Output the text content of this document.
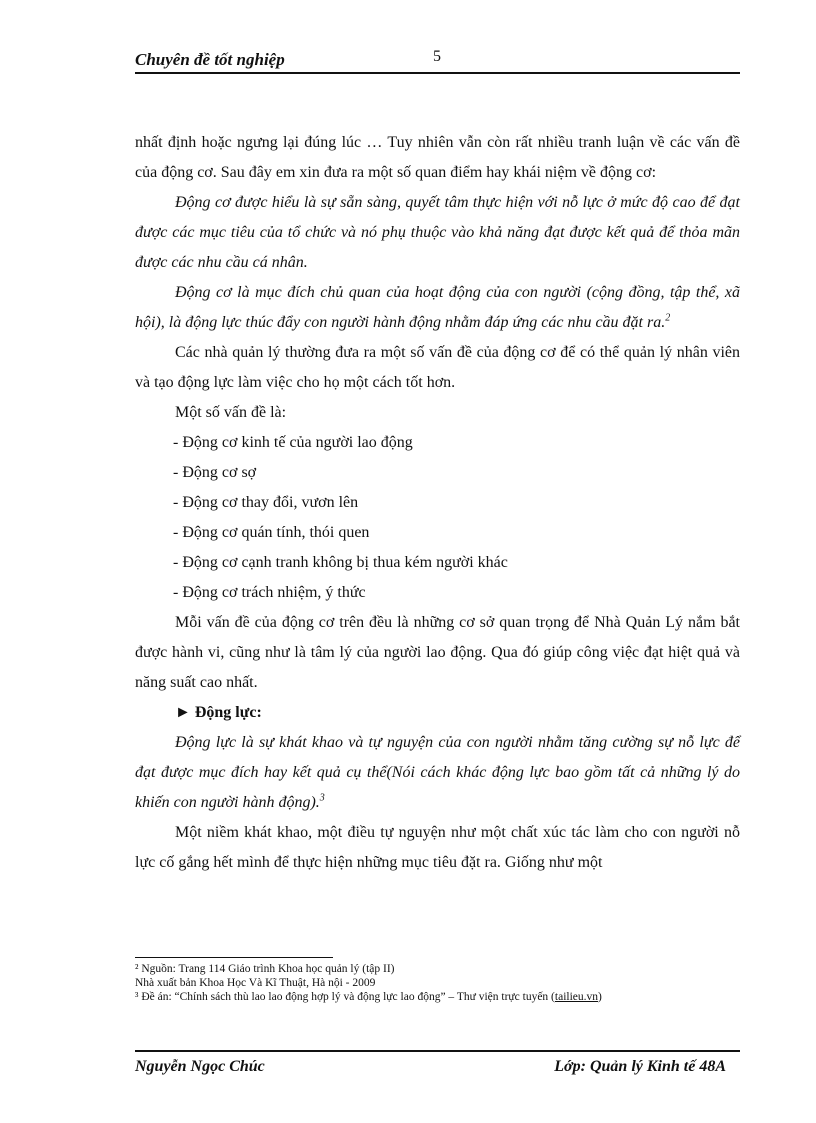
Chuyên đề tốt nghiệp	5

nhất định hoặc ngưng lại đúng lúc … Tuy nhiên vẫn còn rất nhiều tranh luận về các vấn đề của động cơ. Sau đây em xin đưa ra một số quan điểm hay khái niệm về động cơ:

Động cơ được hiểu là sự sẵn sàng, quyết tâm thực hiện với nỗ lực ở mức độ cao để đạt được các mục tiêu của tổ chức và nó phụ thuộc vào khả năng đạt được kết quả để thỏa mãn được các nhu cầu cá nhân.

Động cơ là mục đích chủ quan của hoạt động của con người (cộng đồng, tập thể, xã hội), là động lực thúc đẩy con người hành động nhằm đáp ứng các nhu cầu đặt ra.$^2$

Các nhà quản lý thường đưa ra một số vấn đề của động cơ để có thể quản lý nhân viên và tạo động lực làm việc cho họ một cách tốt hơn.

Một số vấn đề là:

- Động cơ kinh tế của người lao động

- Động cơ sợ

- Động cơ thay đổi, vươn lên

- Động cơ quán tính, thói quen

- Động cơ cạnh tranh không bị thua kém người khác

- Động cơ trách nhiệm, ý thức

Mỗi vấn đề của động cơ trên đều là những cơ sở quan trọng để Nhà Quản Lý nắm bắt được hành vi, cũng như là tâm lý của người lao động. Qua đó giúp công việc đạt hiệt quả và năng suất cao nhất.

► Động lực:

Động lực là sự khát khao và tự nguyện của con người nhằm tăng cường sự nỗ lực để đạt được mục đích hay kết quả cụ thể(Nói cách khác động lực bao gồm tất cả những lý do khiến con người hành động).$^3$

Một niềm khát khao, một điều tự nguyện như một chất xúc tác làm cho con người nỗ lực cố gắng hết mình để thực hiện những mục tiêu đặt ra. Giống như một

² Nguồn: Trang 114 Giáo trình Khoa học quản lý (tập II)
Nhà xuất bản Khoa Học Và Kĩ Thuật, Hà nội - 2009
³ Đề án: “Chính sách thù lao lao động hợp lý và động lực lao động” – Thư viện trực tuyến (tailieu.vn)
Nguyễn Ngọc Chúc	Lớp: Quản lý Kinh tế 48A
